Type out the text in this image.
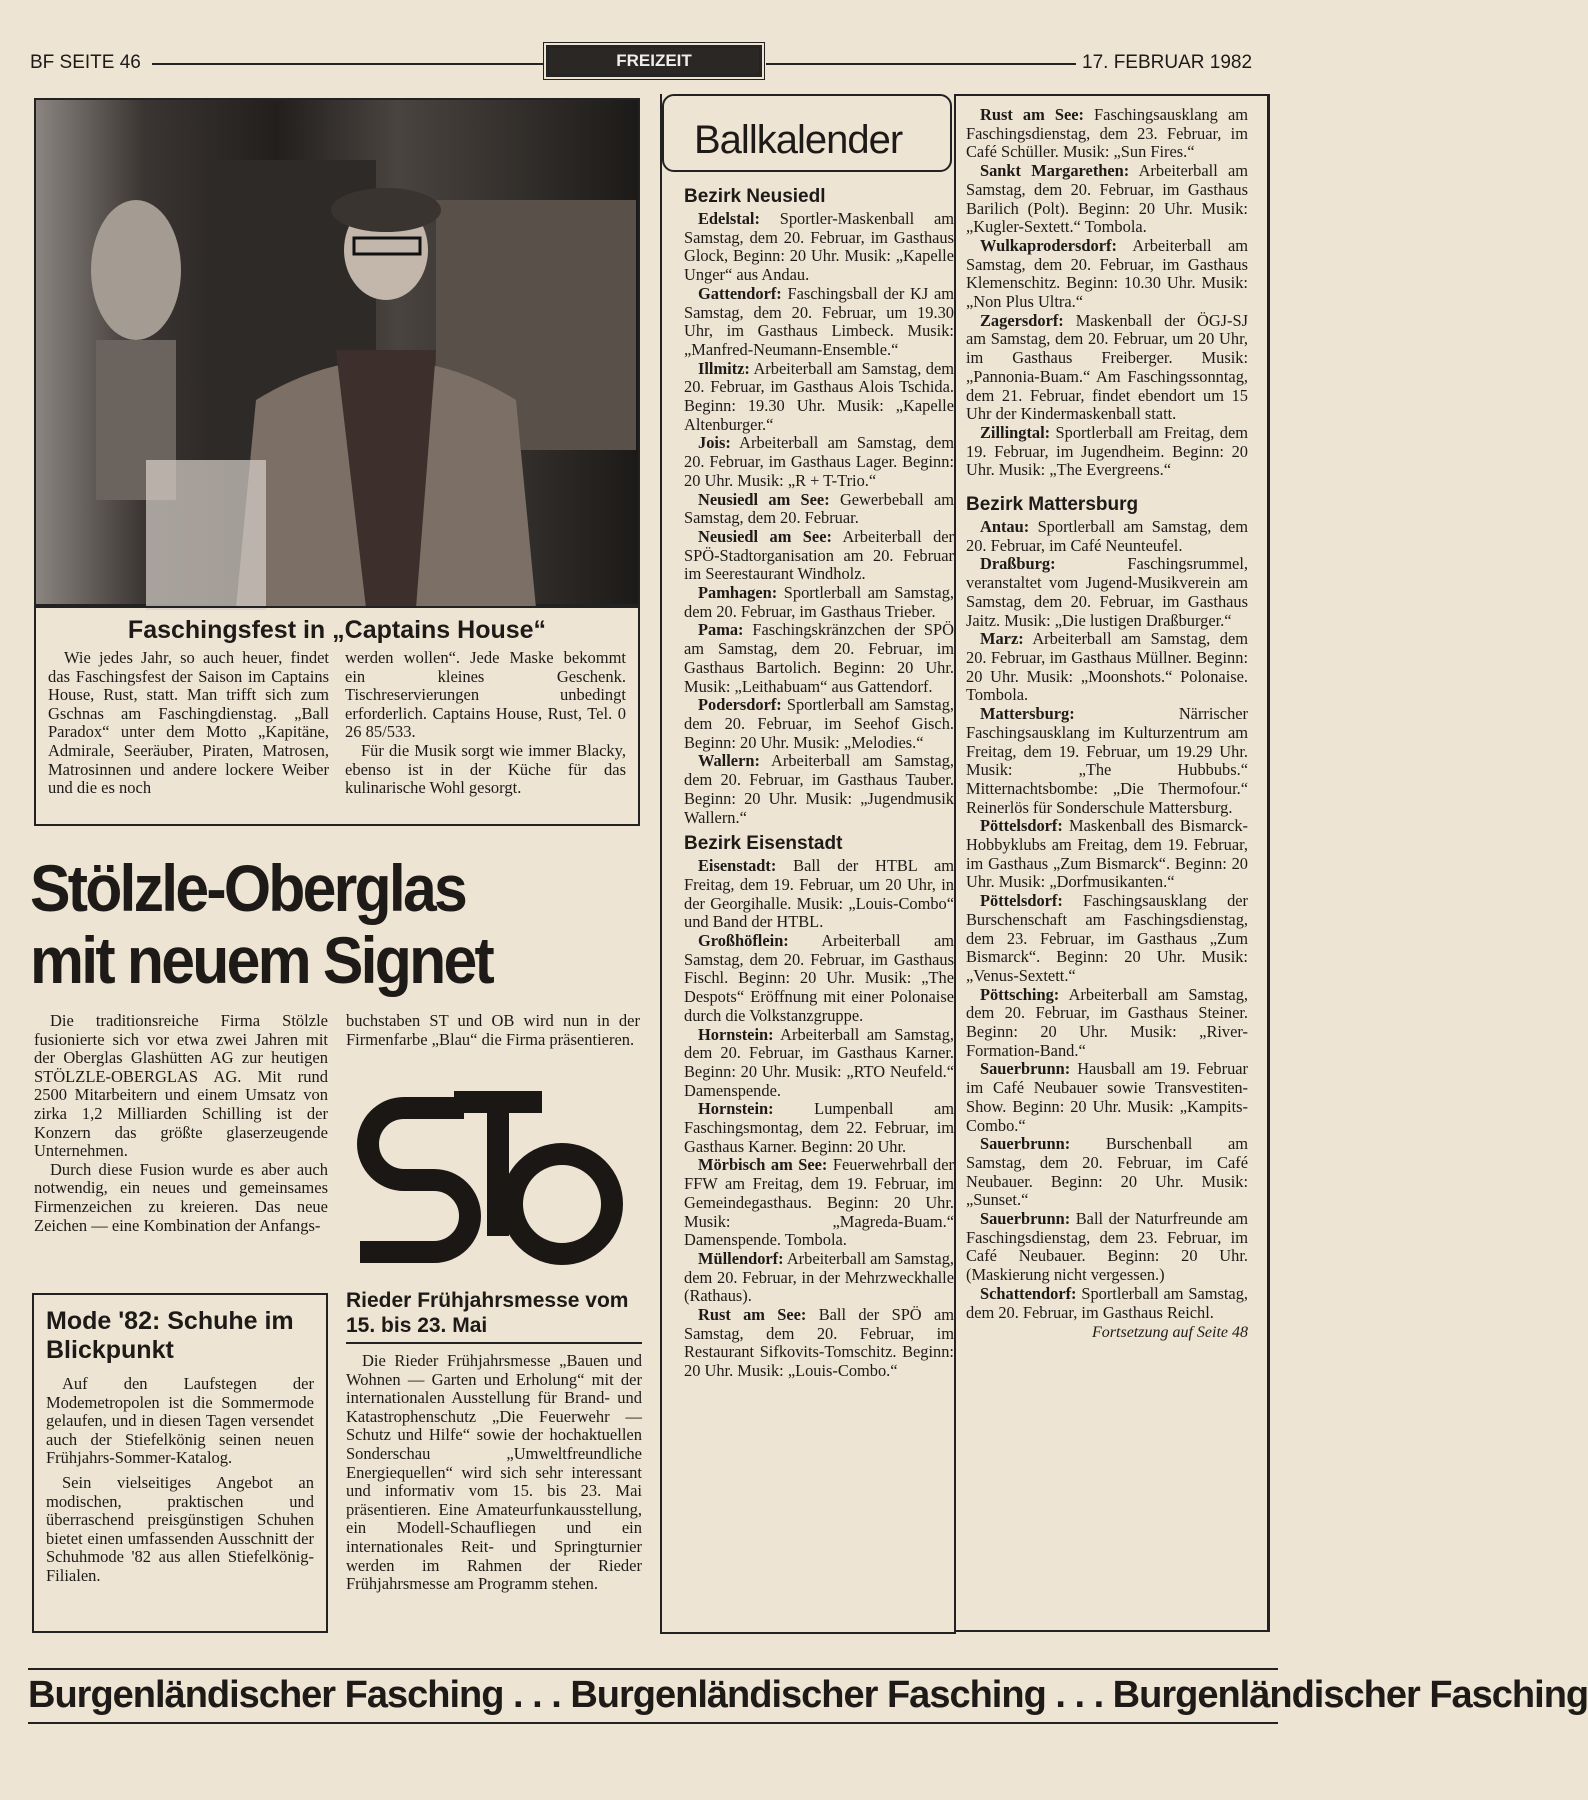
BF SEITE 46	FREIZEIT	17. FEBRUAR 1982
Faschingsfest in „Captains House“

Wie jedes Jahr, so auch heuer, findet das Faschingsfest der Saison im Captains House, Rust, statt. Man trifft sich zum Gschnas am Faschingdienstag. „Ball Paradox“ unter dem Motto „Kapitäne, Admirale, Seeräuber, Piraten, Matrosen, Matrosinnen und andere lockere Weiber und die es noch

werden wollen“. Jede Maske bekommt ein kleines Geschenk. Tischreservierungen unbedingt erforderlich. Captains House, Rust, Tel. 0 26 85/533.

Für die Musik sorgt wie immer Blacky, ebenso ist in der Küche für das kulinarische Wohl gesorgt.

Stölzle-Oberglas
mit neuem Signet

Die traditionsreiche Firma Stölzle fusionierte sich vor etwa zwei Jahren mit der Oberglas Glashütten AG zur heutigen STÖLZLE-OBERGLAS AG. Mit rund 2500 Mitarbeitern und einem Umsatz von zirka 1,2 Milliarden Schilling ist der Konzern das größte glaserzeugende Unternehmen.

Durch diese Fusion wurde es aber auch notwendig, ein neues und gemeinsames Firmenzeichen zu kreieren. Das neue Zeichen — eine Kombination der Anfangs-

buchstaben ST und OB wird nun in der Firmenfarbe „Blau“ die Firma präsentieren.

Mode '82: Schuhe im Blickpunkt

Auf den Laufstegen der Modemetropolen ist die Sommermode gelaufen, und in diesen Tagen versendet auch der Stiefelkönig seinen neuen Frühjahrs-Sommer-Katalog.

Sein vielseitiges Angebot an modischen, praktischen und überraschend preisgünstigen Schuhen bietet einen umfassenden Ausschnitt der Schuhmode '82 aus allen Stiefelkönig-Filialen.

Rieder Frühjahrsmesse vom 15. bis 23. Mai

Die Rieder Frühjahrsmesse „Bauen und Wohnen — Garten und Erholung“ mit der internationalen Ausstellung für Brand- und Katastrophenschutz „Die Feuerwehr — Schutz und Hilfe“ sowie der hochaktuellen Sonderschau „Umweltfreundliche Energiequellen“ wird sich sehr interessant und informativ vom 15. bis 23. Mai präsentieren. Eine Amateurfunkausstellung, ein Modell-Schaufliegen und ein internationales Reit- und Springturnier werden im Rahmen der Rieder Frühjahrsmesse am Programm stehen.

Ballkalender
Bezirk Neusiedl

Edelstal: Sportler-Maskenball am Samstag, dem 20. Februar, im Gasthaus Glock, Beginn: 20 Uhr. Musik: „Kapelle Unger“ aus Andau.

Gattendorf: Faschingsball der KJ am Samstag, dem 20. Februar, um 19.30 Uhr, im Gasthaus Limbeck. Musik: „Manfred-Neumann-Ensemble.“

Illmitz: Arbeiterball am Samstag, dem 20. Februar, im Gasthaus Alois Tschida. Beginn: 19.30 Uhr. Musik: „Kapelle Altenburger.“

Jois: Arbeiterball am Samstag, dem 20. Februar, im Gasthaus Lager. Beginn: 20 Uhr. Musik: „R + T-Trio.“

Neusiedl am See: Gewerbeball am Samstag, dem 20. Februar.

Neusiedl am See: Arbeiterball der SPÖ-Stadtorganisation am 20. Februar im Seerestaurant Windholz.

Pamhagen: Sportlerball am Samstag, dem 20. Februar, im Gasthaus Trieber.

Pama: Faschingskränzchen der SPÖ am Samstag, dem 20. Februar, im Gasthaus Bartolich. Beginn: 20 Uhr. Musik: „Leithabuam“ aus Gattendorf.

Podersdorf: Sportlerball am Samstag, dem 20. Februar, im Seehof Gisch. Beginn: 20 Uhr. Musik: „Melodies.“

Wallern: Arbeiterball am Samstag, dem 20. Februar, im Gasthaus Tauber. Beginn: 20 Uhr. Musik: „Jugendmusik Wallern.“

Bezirk Eisenstadt

Eisenstadt: Ball der HTBL am Freitag, dem 19. Februar, um 20 Uhr, in der Georgihalle. Musik: „Louis-Combo“ und Band der HTBL.

Großhöflein: Arbeiterball am Samstag, dem 20. Februar, im Gasthaus Fischl. Beginn: 20 Uhr. Musik: „The Despots“ Eröffnung mit einer Polonaise durch die Volkstanzgruppe.

Hornstein: Arbeiterball am Samstag, dem 20. Februar, im Gasthaus Karner. Beginn: 20 Uhr. Musik: „RTO Neufeld.“ Damenspende.

Hornstein: Lumpenball am Faschingsmontag, dem 22. Februar, im Gasthaus Karner. Beginn: 20 Uhr.

Mörbisch am See: Feuerwehrball der FFW am Freitag, dem 19. Februar, im Gemeindegasthaus. Beginn: 20 Uhr. Musik: „Magreda-Buam.“ Damenspende. Tombola.

Müllendorf: Arbeiterball am Samstag, dem 20. Februar, in der Mehrzweckhalle (Rathaus).

Rust am See: Ball der SPÖ am Samstag, dem 20. Februar, im Restaurant Sifkovits-Tomschitz. Beginn: 20 Uhr. Musik: „Louis-Combo.“

Rust am See: Faschingsausklang am Faschingsdienstag, dem 23. Februar, im Café Schüller. Musik: „Sun Fires.“

Sankt Margarethen: Arbeiterball am Samstag, dem 20. Februar, im Gasthaus Barilich (Polt). Beginn: 20 Uhr. Musik: „Kugler-Sextett.“ Tombola.

Wulkaprodersdorf: Arbeiterball am Samstag, dem 20. Februar, im Gasthaus Klemenschitz. Beginn: 10.30 Uhr. Musik: „Non Plus Ultra.“

Zagersdorf: Maskenball der ÖGJ-SJ am Samstag, dem 20. Februar, um 20 Uhr, im Gasthaus Freiberger. Musik: „Pannonia-Buam.“ Am Faschingssonntag, dem 21. Februar, findet ebendort um 15 Uhr der Kindermaskenball statt.

Zillingtal: Sportlerball am Freitag, dem 19. Februar, im Jugendheim. Beginn: 20 Uhr. Musik: „The Evergreens.“

Bezirk Mattersburg

Antau: Sportlerball am Samstag, dem 20. Februar, im Café Neunteufel.

Draßburg: Faschingsrummel, veranstaltet vom Jugend-Musikverein am Samstag, dem 20. Februar, im Gasthaus Jaitz. Musik: „Die lustigen Draßburger.“

Marz: Arbeiterball am Samstag, dem 20. Februar, im Gasthaus Müllner. Beginn: 20 Uhr. Musik: „Moonshots.“ Polonaise. Tombola.

Mattersburg: Närrischer Faschingsausklang im Kulturzentrum am Freitag, dem 19. Februar, um 19.29 Uhr. Musik: „The Hubbubs.“ Mitternachtsbombe: „Die Thermofour.“ Reinerlös für Sonderschule Mattersburg.

Pöttelsdorf: Maskenball des Bismarck-Hobbyklubs am Freitag, dem 19. Februar, im Gasthaus „Zum Bismarck“. Beginn: 20 Uhr. Musik: „Dorfmusikanten.“

Pöttelsdorf: Faschingsausklang der Burschenschaft am Faschingsdienstag, dem 23. Februar, im Gasthaus „Zum Bismarck“. Beginn: 20 Uhr. Musik: „Venus-Sextett.“

Pöttsching: Arbeiterball am Samstag, dem 20. Februar, im Gasthaus Steiner. Beginn: 20 Uhr. Musik: „River-Formation-Band.“

Sauerbrunn: Hausball am 19. Februar im Café Neubauer sowie Transvestiten-Show. Beginn: 20 Uhr. Musik: „Kampits-Combo.“

Sauerbrunn: Burschenball am Samstag, dem 20. Februar, im Café Neubauer. Beginn: 20 Uhr. Musik: „Sunset.“

Sauerbrunn: Ball der Naturfreunde am Faschingsdienstag, dem 23. Februar, im Café Neubauer. Beginn: 20 Uhr. (Maskierung nicht vergessen.)

Schattendorf: Sportlerball am Samstag, dem 20. Februar, im Gasthaus Reichl.

Fortsetzung auf Seite 48
Burgenländischer Fasching . . . Burgenländischer Fasching . . . Burgenländischer Fasching
